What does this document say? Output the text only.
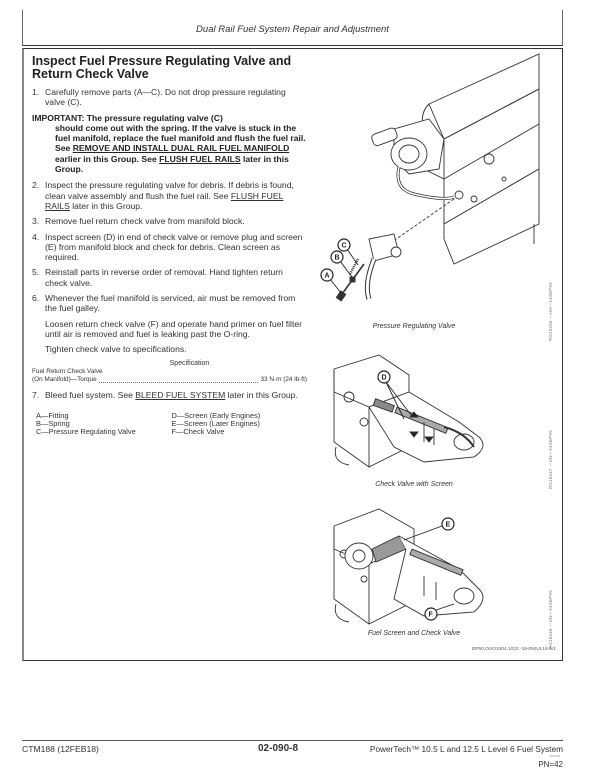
Dual Rail Fuel System Repair and Adjustment
Inspect Fuel Pressure Regulating Valve and
Return Check Valve
1. Carefully remove parts (A—C). Do not drop pressure regulating valve (C).
IMPORTANT: The pressure regulating valve (C)
should come out with the spring. If the valve is stuck in the fuel manifold, replace the fuel manifold and flush the fuel rail. See REMOVE AND INSTALL DUAL RAIL FUEL MANIFOLD earlier in this Group. See FLUSH FUEL RAILS later in this Group.
2. Inspect the pressure regulating valve for debris. If debris is found, clean valve assembly and flush the fuel rail. See FLUSH FUEL RAILS later in this Group.
3. Remove fuel return check valve from manifold block.
4. Inspect screen (D) in end of check valve or remove plug and screen (E) from manifold block and check for debris. Clean screen as required.
5. Reinstall parts in reverse order of removal. Hand tighten return check valve.
6. Whenever the fuel manifold is serviced, air must be removed from the fuel galley.
Loosen return check valve (F) and operate hand primer on fuel filter until air is removed and fuel is leaking past the O-ring.
Tighten check valve to specifications.
Specification
Fuel Return Check Valve
(On Manifold)—Torque	33 N·m (24 lb-ft)
7. Bleed fuel system. See BLEED FUEL SYSTEM later in this Group.
A—Fitting
B—Spring
C—Pressure Regulating Valve
D—Screen (Early Engines)
E—Screen (Later Engines)
F—Check Valve
C
B
A
Pressure Regulating Valve	RG10346 —UN—14SEP99
D
Check Valve with Screen	RG10347 —UN—14SEP99
E
F
Fuel Screen and Check Valve	RG10348 —UN—14SEP99
DP50,OUO1004,1023 -19-09JUL18-1/1
CTM188 (12FEB18)	02-090-8	PowerTech™ 10.5 L and 12.5 L Level 6 Fuel System
021218
PN=42
